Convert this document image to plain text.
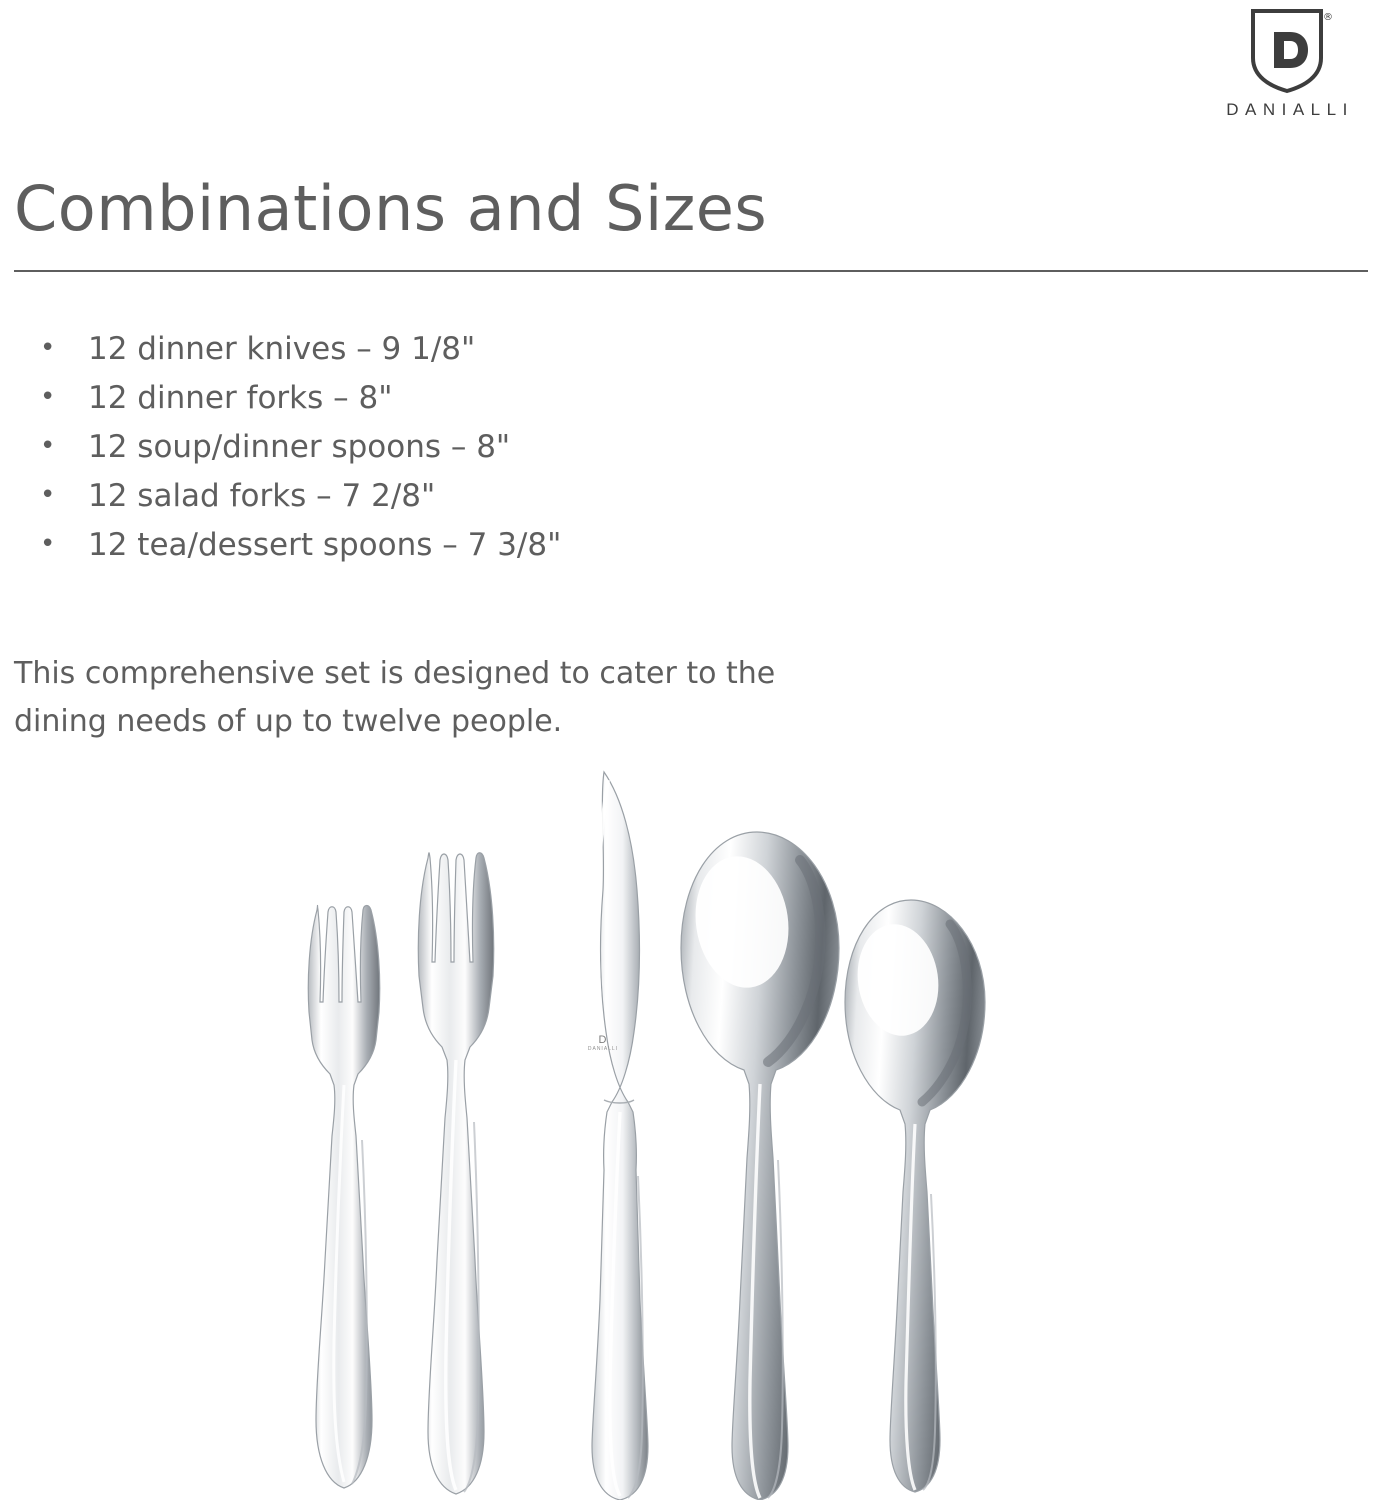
®
DANIALLI
Combinations and Sizes
• 12 dinner knives – 9 1/8"
• 12 dinner forks – 8"
• 12 soup/dinner spoons – 8"
• 12 salad forks – 7 2/8"
• 12 tea/dessert spoons – 7 3/8"

This comprehensive set is designed to cater to the dining needs of up to twelve people.

D
DANIALLI
